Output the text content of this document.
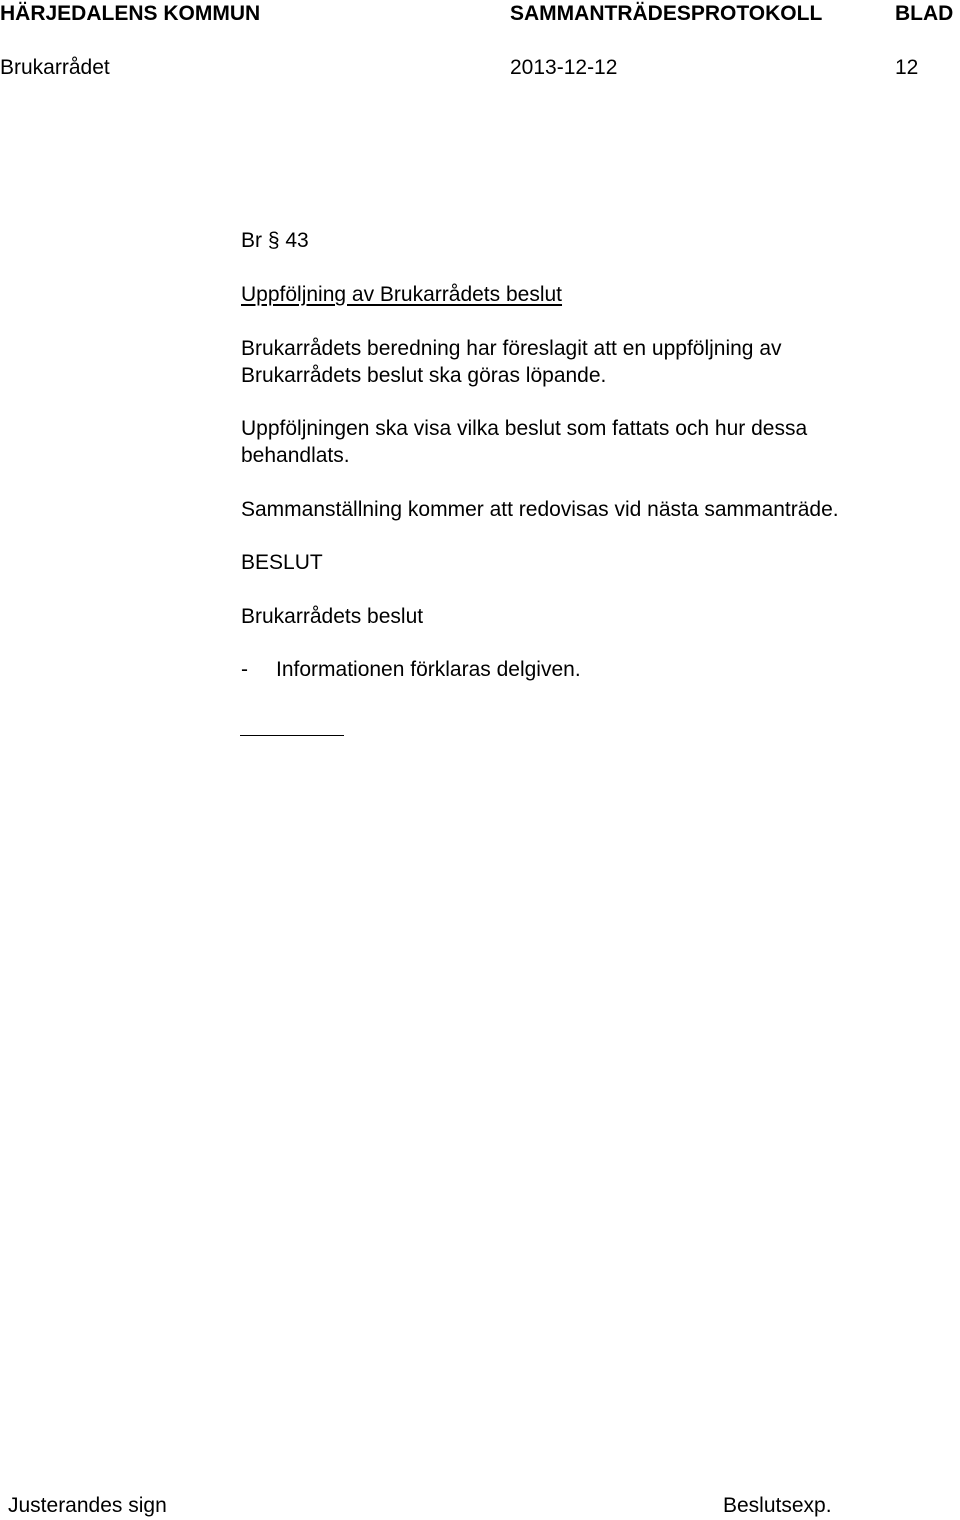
HÄRJEDALENS KOMMUN	SAMMANTRÄDESPROTOKOLL	BLAD
Brukarrådet	2013-12-12	12
Br § 43
Uppföljning av Brukarrådets beslut
Brukarrådets beredning har föreslagit att en uppföljning av
Brukarrådets beslut ska göras löpande.
Uppföljningen ska visa vilka beslut som fattats och hur dessa
behandlats.
Sammanställning kommer att redovisas vid nästa sammanträde.
BESLUT
Brukarrådets beslut
- Informationen förklaras delgiven.
Justerandes sign	Beslutsexp.
